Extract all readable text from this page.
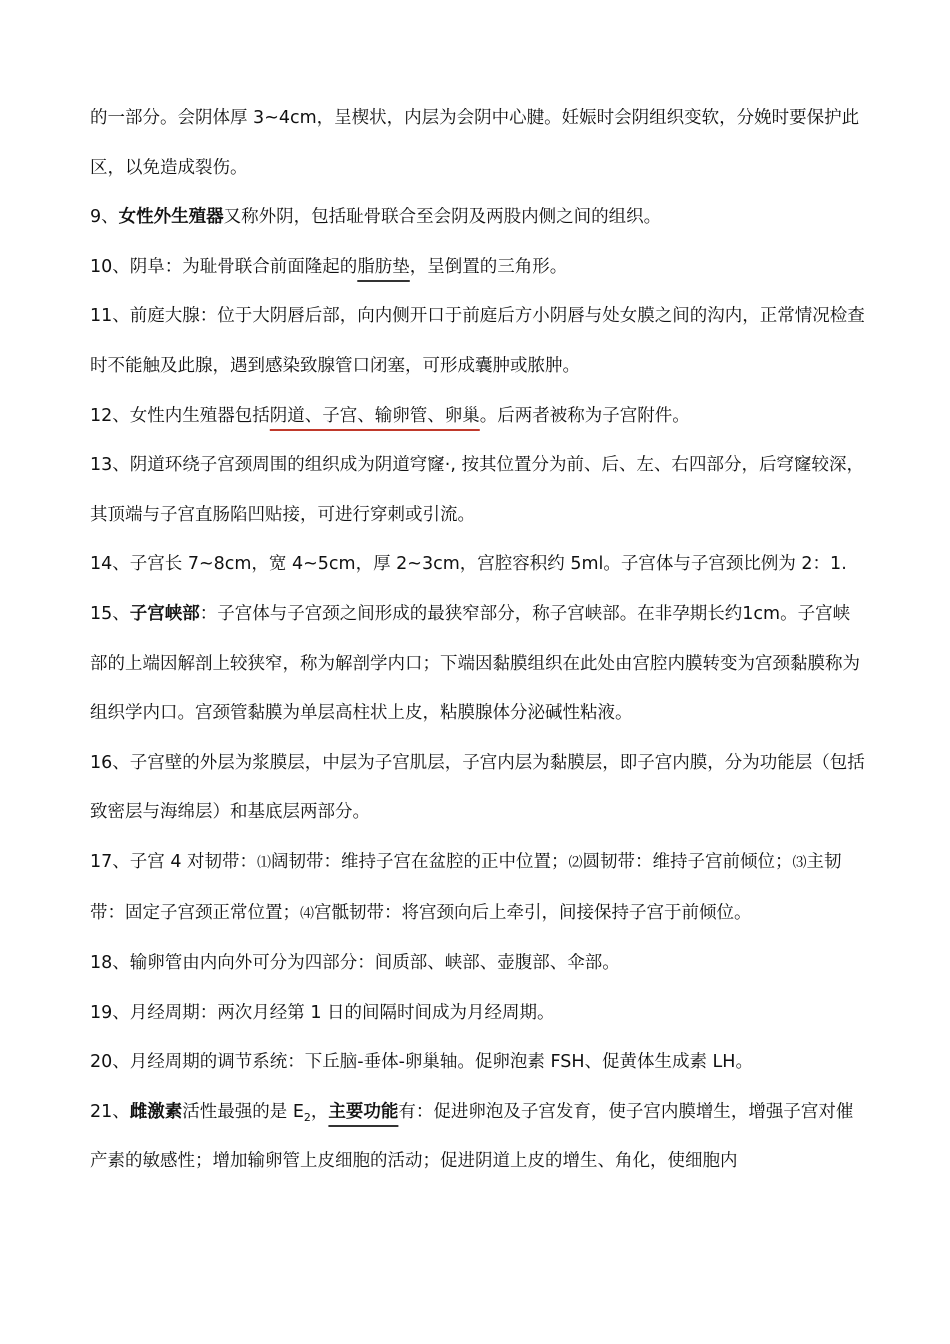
的一部分。会阴体厚 3~4cm，呈楔状，内层为会阴中心腱。妊娠时会阴组织变软，分娩时要保护此区，以免造成裂伤。

9、女性外生殖器又称外阴，包括耻骨联合至会阴及两股内侧之间的组织。

10、阴阜：为耻骨联合前面隆起的脂肪垫，呈倒置的三角形。

11、前庭大腺：位于大阴唇后部，向内侧开口于前庭后方小阴唇与处女膜之间的沟内，正常情况检查时不能触及此腺，遇到感染致腺管口闭塞，可形成囊肿或脓肿。

12、女性内生殖器包括阴道、子宫、输卵管、卵巢。后两者被称为子宫附件。

13、阴道环绕子宫颈周围的组织成为阴道穹窿·, 按其位置分为前、后、左、右四部分，后穹窿较深，其顶端与子宫直肠陷凹贴接，可进行穿刺或引流。

14、子宫长 7~8cm，宽 4~5cm，厚 2~3cm，宫腔容积约 5ml。子宫体与子宫颈比例为 2：1.

15、子宫峡部：子宫体与子宫颈之间形成的最狭窄部分，称子宫峡部。在非孕期长约1cm。子宫峡部的上端因解剖上较狭窄，称为解剖学内口；下端因黏膜组织在此处由宫腔内膜转变为宫颈黏膜称为组织学内口。宫颈管黏膜为单层高柱状上皮，粘膜腺体分泌碱性粘液。

16、子宫壁的外层为浆膜层，中层为子宫肌层，子宫内层为黏膜层，即子宫内膜，分为功能层（包括致密层与海绵层）和基底层两部分。

17、子宫 4 对韧带：⑴阔韧带：维持子宫在盆腔的正中位置；⑵圆韧带：维持子宫前倾位；⑶主韧带：固定子宫颈正常位置；⑷宫骶韧带：将宫颈向后上牵引，间接保持子宫于前倾位。

18、输卵管由内向外可分为四部分：间质部、峡部、壶腹部、伞部。

19、月经周期：两次月经第 1 日的间隔时间成为月经周期。

20、月经周期的调节系统：下丘脑-垂体-卵巢轴。促卵泡素 FSH、促黄体生成素 LH。

21、雌激素活性最强的是 $E_2$，主要功能有：促进卵泡及子宫发育，使子宫内膜增生，增强子宫对催产素的敏感性；增加输卵管上皮细胞的活动；促进阴道上皮的增生、角化，使细胞内
